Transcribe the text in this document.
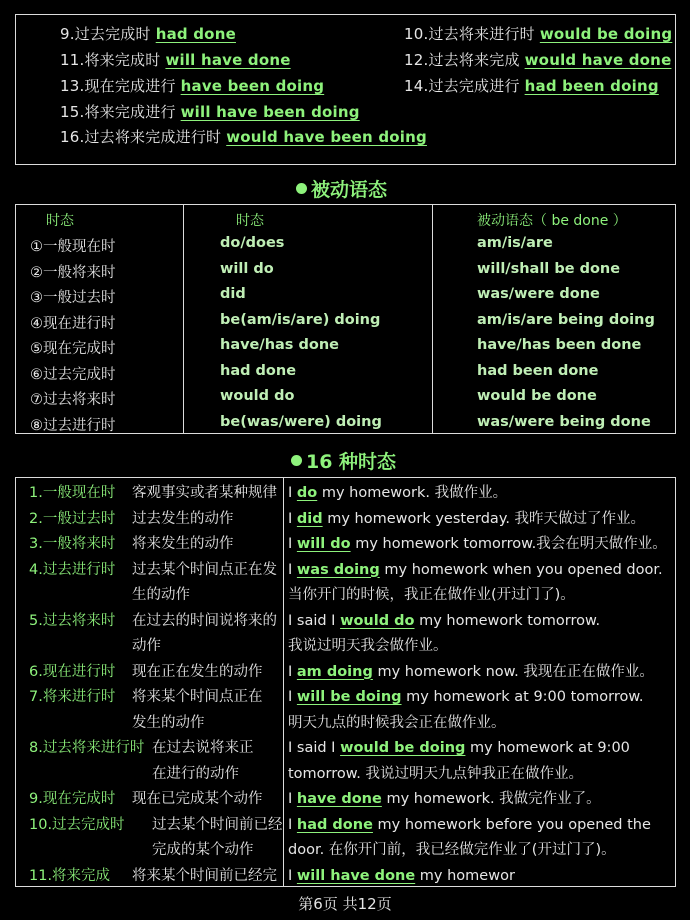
9.过去完成时 had done	10.过去将来进行时 would be doing
11.将来完成时 will have done	12.过去将来完成 would have done
13.现在完成进行 have been doing	14.过去完成进行 had been doing
15.将来完成进行 will have been doing
16.过去将来完成进行时 would have been doing
被动语态
时态	时态	被动语态（ be done ）
①一般现在时	do/does	am/is/are
②一般将来时	will do	will/shall be done
③一般过去时	did	was/were done
④现在进行时	be(am/is/are) doing	am/is/are being doing
⑤现在完成时	have/has done	have/has been done
⑥过去完成时	had done	had been done
⑦过去将来时	would do	would be done
⑧过去进行时	be(was/were) doing	was/were being done
16 种时态
1.一般现在时 客观事实或者某种规律 I do my homework. 我做作业。
2.一般过去时 过去发生的动作	I did my homework yesterday. 我昨天做过了作业。
3.一般将来时 将来发生的动作	I will do my homework tomorrow.我会在明天做作业。
4.过去进行时 过去某个时间点正在发
生的动作
I was doing my homework when you opened door.
当你开门的时候，我正在做作业(开过门了)。
5.过去将来时 在过去的时间说将来的
动作
I said I would do my homework tomorrow.
我说过明天我会做作业。
6.现在进行时 现在正在发生的动作 I am doing my homework now. 我现在正在做作业。
7.将来进行时 将来某个时间点正在
发生的动作
I will be doing my homework at 9:00 tomorrow.
明天九点的时候我会正在做作业。
8.过去将来进行时 在过去说将来正
在进行的动作
I said I would be doing my homework at 9:00
tomorrow. 我说过明天九点钟我正在做作业。
9.现在完成时 现在已完成某个动作 I have done my homework. 我做完作业了。
10.过去完成时 过去某个时间前已经
完成的某个动作
I had done my homework before you opened the
door. 在你开门前，我已经做完作业了(开过门了)。
11.将来完成 将来某个时间前已经完 I will have done my homewor
第6页 共12页
